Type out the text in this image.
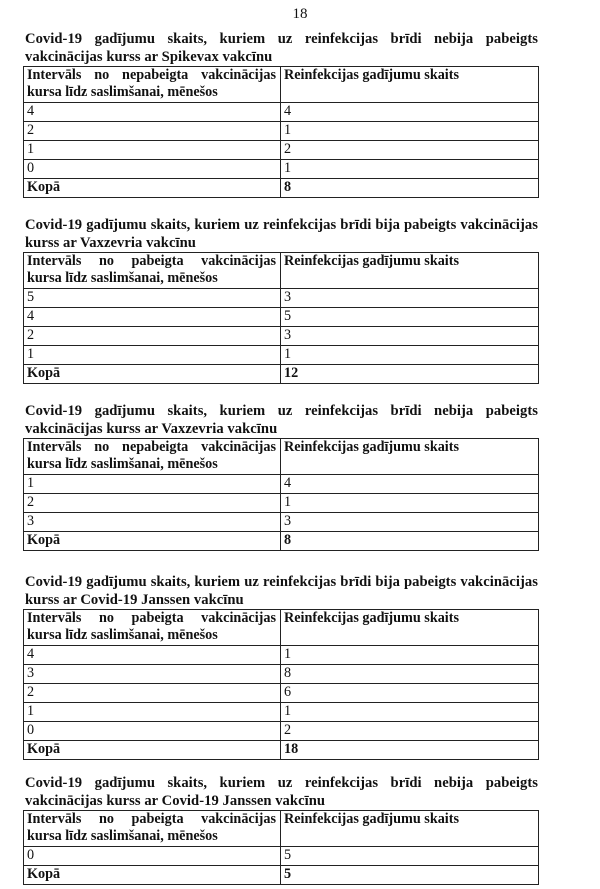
18

Covid-19 gadījumu skaits, kuriem uz reinfekcijas brīdi nebija pabeigts vakcinācijas kurss ar Spikevax vakcīnu

Intervāls no nepabeigta vakcinācijas
kursa līdz saslimšanai, mēnešos	Reinfekcijas gadījumu skaits
4	4
2	1
1	2
0	1
Kopā	8

Covid-19 gadījumu skaits, kuriem uz reinfekcijas brīdi bija pabeigts vakcinācijas kurss ar Vaxzevria vakcīnu

Intervāls no pabeigta vakcinācijas
kursa līdz saslimšanai, mēnešos	Reinfekcijas gadījumu skaits
5	3
4	5
2	3
1	1
Kopā	12

Covid-19 gadījumu skaits, kuriem uz reinfekcijas brīdi nebija pabeigts vakcinācijas kurss ar Vaxzevria vakcīnu

Intervāls no nepabeigta vakcinācijas
kursa līdz saslimšanai, mēnešos	Reinfekcijas gadījumu skaits
1	4
2	1
3	3
Kopā	8

Covid-19 gadījumu skaits, kuriem uz reinfekcijas brīdi bija pabeigts vakcinācijas kurss ar Covid-19 Janssen vakcīnu

Intervāls no pabeigta vakcinācijas
kursa līdz saslimšanai, mēnešos	Reinfekcijas gadījumu skaits
4	1
3	8
2	6
1	1
0	2
Kopā	18

Covid-19 gadījumu skaits, kuriem uz reinfekcijas brīdi nebija pabeigts vakcinācijas kurss ar Covid-19 Janssen vakcīnu

Intervāls no pabeigta vakcinācijas
kursa līdz saslimšanai, mēnešos	Reinfekcijas gadījumu skaits
0	5
Kopā	5
